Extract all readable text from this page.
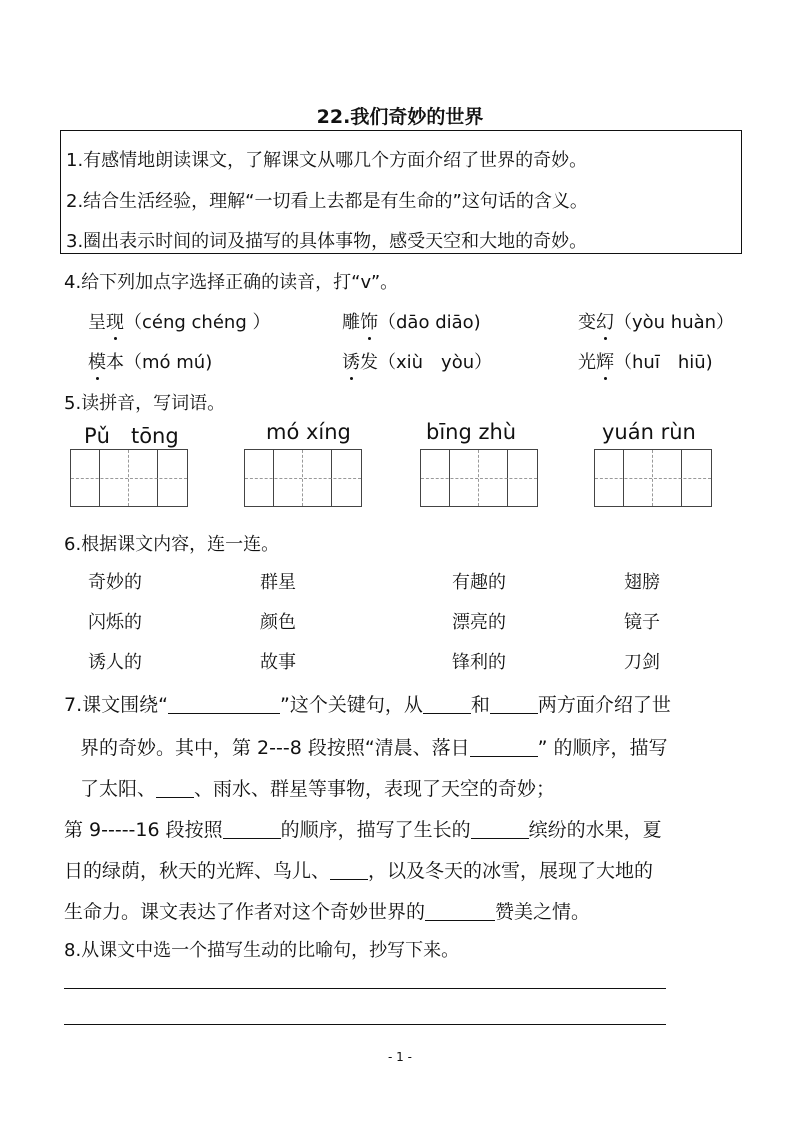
22.我们奇妙的世界
1.有感情地朗读课文，了解课文从哪几个方面介绍了世界的奇妙。
2.结合生活经验，理解“一切看上去都是有生命的”这句话的含义。
3.圈出表示时间的词及描写的具体事物，感受天空和大地的奇妙。
4.给下列加点字选择正确的读音，打“v”。
呈现（céng chéng ）	雕饰（dāo diāo)	变幻（yòu huàn）
模本（mó mú)	诱发（xiù　yòu）	光辉（huī　hiū)
5.读拼音，写词语。
Pǔ　tōng	mó xíng	bīng zhù	yuán rùn
6.根据课文内容，连一连。
奇妙的	群星	有趣的	翅膀
闪烁的	颜色	漂亮的	镜子
诱人的	故事	锋利的	刀剑
7.课文围绕“	”这个关键句，从	和	两方面介绍了世
界的奇妙。其中，第 2---8 段按照“清晨、落日	” 的顺序，描写
了太阳、 、雨水、群星等事物，表现了天空的奇妙；
第 9-----16 段按照	的顺序，描写了生长的	缤纷的水果，夏
日的绿荫，秋天的光辉、鸟儿、 ，以及冬天的冰雪，展现了大地的
生命力。课文表达了作者对这个奇妙世界的	赞美之情。
8.从课文中选一个描写生动的比喻句，抄写下来。
- 1 -
